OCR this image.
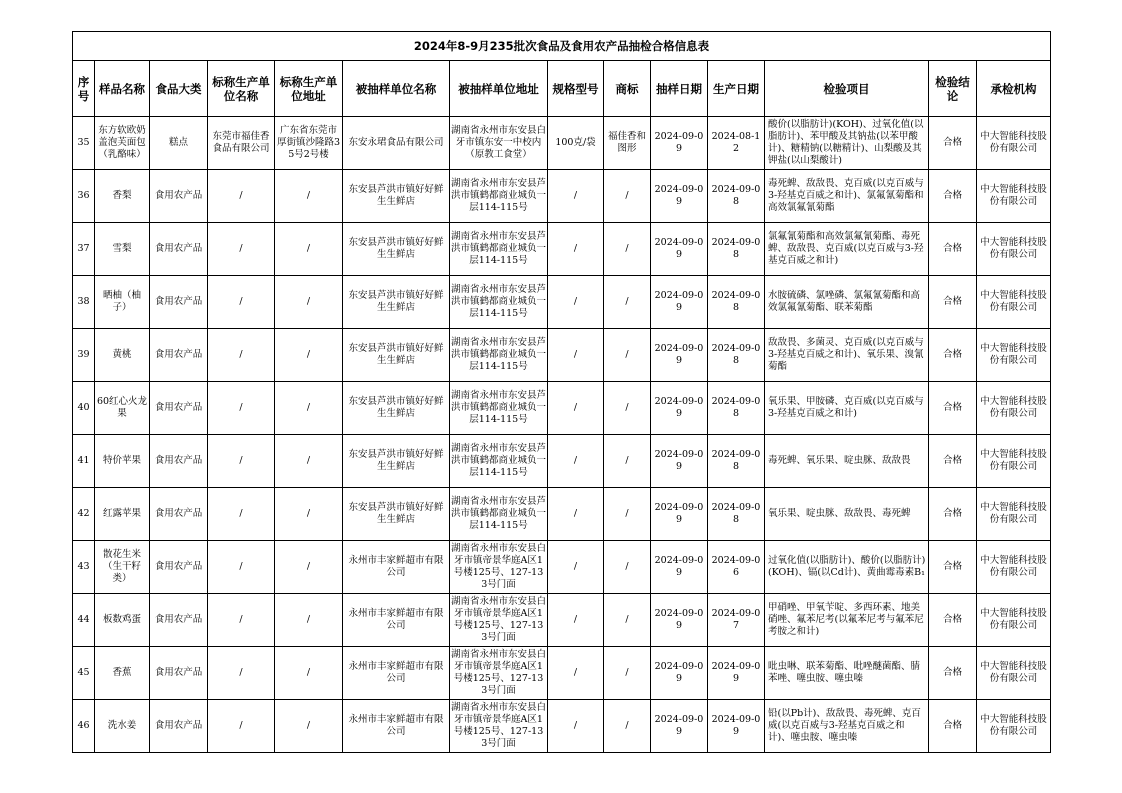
2024年8-9月235批次食品及食用农产品抽检合格信息表													
序号	样品名称	食品大类	标称生产单位名称	标称生产单位地址	被抽样单位名称	被抽样单位地址	规格型号	商标	抽样日期	生产日期	检验项目	检验结论	承检机构
35	东方软欧奶盖泡芙面包（乳酪味）	糕点	东莞市福佳香食品有限公司	广东省东莞市厚街镇沙隆路35号2号楼	东安永珺食品有限公司	湖南省永州市东安县白牙市镇东安一中校内（原教工食堂）	100克/袋	福佳香和图形	2024-09-09	2024-08-12	酸价(以脂肪计)(KOH)、过氧化值(以脂肪计)、苯甲酸及其钠盐(以苯甲酸计)、糖精钠(以糖精计)、山梨酸及其钾盐(以山梨酸计)	合格	中大智能科技股份有限公司
36	香梨	食用农产品	/	/	东安县芦洪市镇好好鲜生生鲜店	湖南省永州市东安县芦洪市镇鹤都商业城负一层114-115号	/	/	2024-09-09	2024-09-08	毒死蜱、敌敌畏、克百威(以克百威与3-羟基克百威之和计)、氯氟氰菊酯和高效氯氟氰菊酯	合格	中大智能科技股份有限公司
37	雪梨	食用农产品	/	/	东安县芦洪市镇好好鲜生生鲜店	湖南省永州市东安县芦洪市镇鹤都商业城负一层114-115号	/	/	2024-09-09	2024-09-08	氯氟氰菊酯和高效氯氟氰菊酯、毒死蜱、敌敌畏、克百威(以克百威与3-羟基克百威之和计)	合格	中大智能科技股份有限公司
38	晒柚（柚子）	食用农产品	/	/	东安县芦洪市镇好好鲜生生鲜店	湖南省永州市东安县芦洪市镇鹤都商业城负一层114-115号	/	/	2024-09-09	2024-09-08	水胺硫磷、氯唑磷、氯氟氰菊酯和高效氯氟氰菊酯、联苯菊酯	合格	中大智能科技股份有限公司
39	黄桃	食用农产品	/	/	东安县芦洪市镇好好鲜生生鲜店	湖南省永州市东安县芦洪市镇鹤都商业城负一层114-115号	/	/	2024-09-09	2024-09-08	敌敌畏、多菌灵、克百威(以克百威与3-羟基克百威之和计)、氧乐果、溴氰菊酯	合格	中大智能科技股份有限公司
40	60红心火龙果	食用农产品	/	/	东安县芦洪市镇好好鲜生生鲜店	湖南省永州市东安县芦洪市镇鹤都商业城负一层114-115号	/	/	2024-09-09	2024-09-08	氧乐果、甲胺磷、克百威(以克百威与3-羟基克百威之和计)	合格	中大智能科技股份有限公司
41	特价苹果	食用农产品	/	/	东安县芦洪市镇好好鲜生生鲜店	湖南省永州市东安县芦洪市镇鹤都商业城负一层114-115号	/	/	2024-09-09	2024-09-08	毒死蜱、氧乐果、啶虫脒、敌敌畏	合格	中大智能科技股份有限公司
42	红露苹果	食用农产品	/	/	东安县芦洪市镇好好鲜生生鲜店	湖南省永州市东安县芦洪市镇鹤都商业城负一层114-115号	/	/	2024-09-09	2024-09-08	氧乐果、啶虫脒、敌敌畏、毒死蜱	合格	中大智能科技股份有限公司
43	散花生米（生干籽类）	食用农产品	/	/	永州市丰家鲜超市有限公司	湖南省永州市东安县白牙市镇帝景华庭A区1号楼125号、127-133号门面	/	/	2024-09-09	2024-09-06	过氧化值(以脂肪计)、酸价(以脂肪计)(KOH)、镉(以Cd计)、黄曲霉毒素B₁	合格	中大智能科技股份有限公司
44	板数鸡蛋	食用农产品	/	/	永州市丰家鲜超市有限公司	湖南省永州市东安县白牙市镇帝景华庭A区1号楼125号、127-133号门面	/	/	2024-09-09	2024-09-07	甲硝唑、甲氧苄啶、多西环素、地美硝唑、氟苯尼考(以氟苯尼考与氟苯尼考胺之和计)	合格	中大智能科技股份有限公司
45	香蕉	食用农产品	/	/	永州市丰家鲜超市有限公司	湖南省永州市东安县白牙市镇帝景华庭A区1号楼125号、127-133号门面	/	/	2024-09-09	2024-09-09	吡虫啉、联苯菊酯、吡唑醚菌酯、腈苯唑、噻虫胺、噻虫嗪	合格	中大智能科技股份有限公司
46	洗水姜	食用农产品	/	/	永州市丰家鲜超市有限公司	湖南省永州市东安县白牙市镇帝景华庭A区1号楼125号、127-133号门面	/	/	2024-09-09	2024-09-09	铅(以Pb计)、敌敌畏、毒死蜱、克百威(以克百威与3-羟基克百威之和计)、噻虫胺、噻虫嗪	合格	中大智能科技股份有限公司
